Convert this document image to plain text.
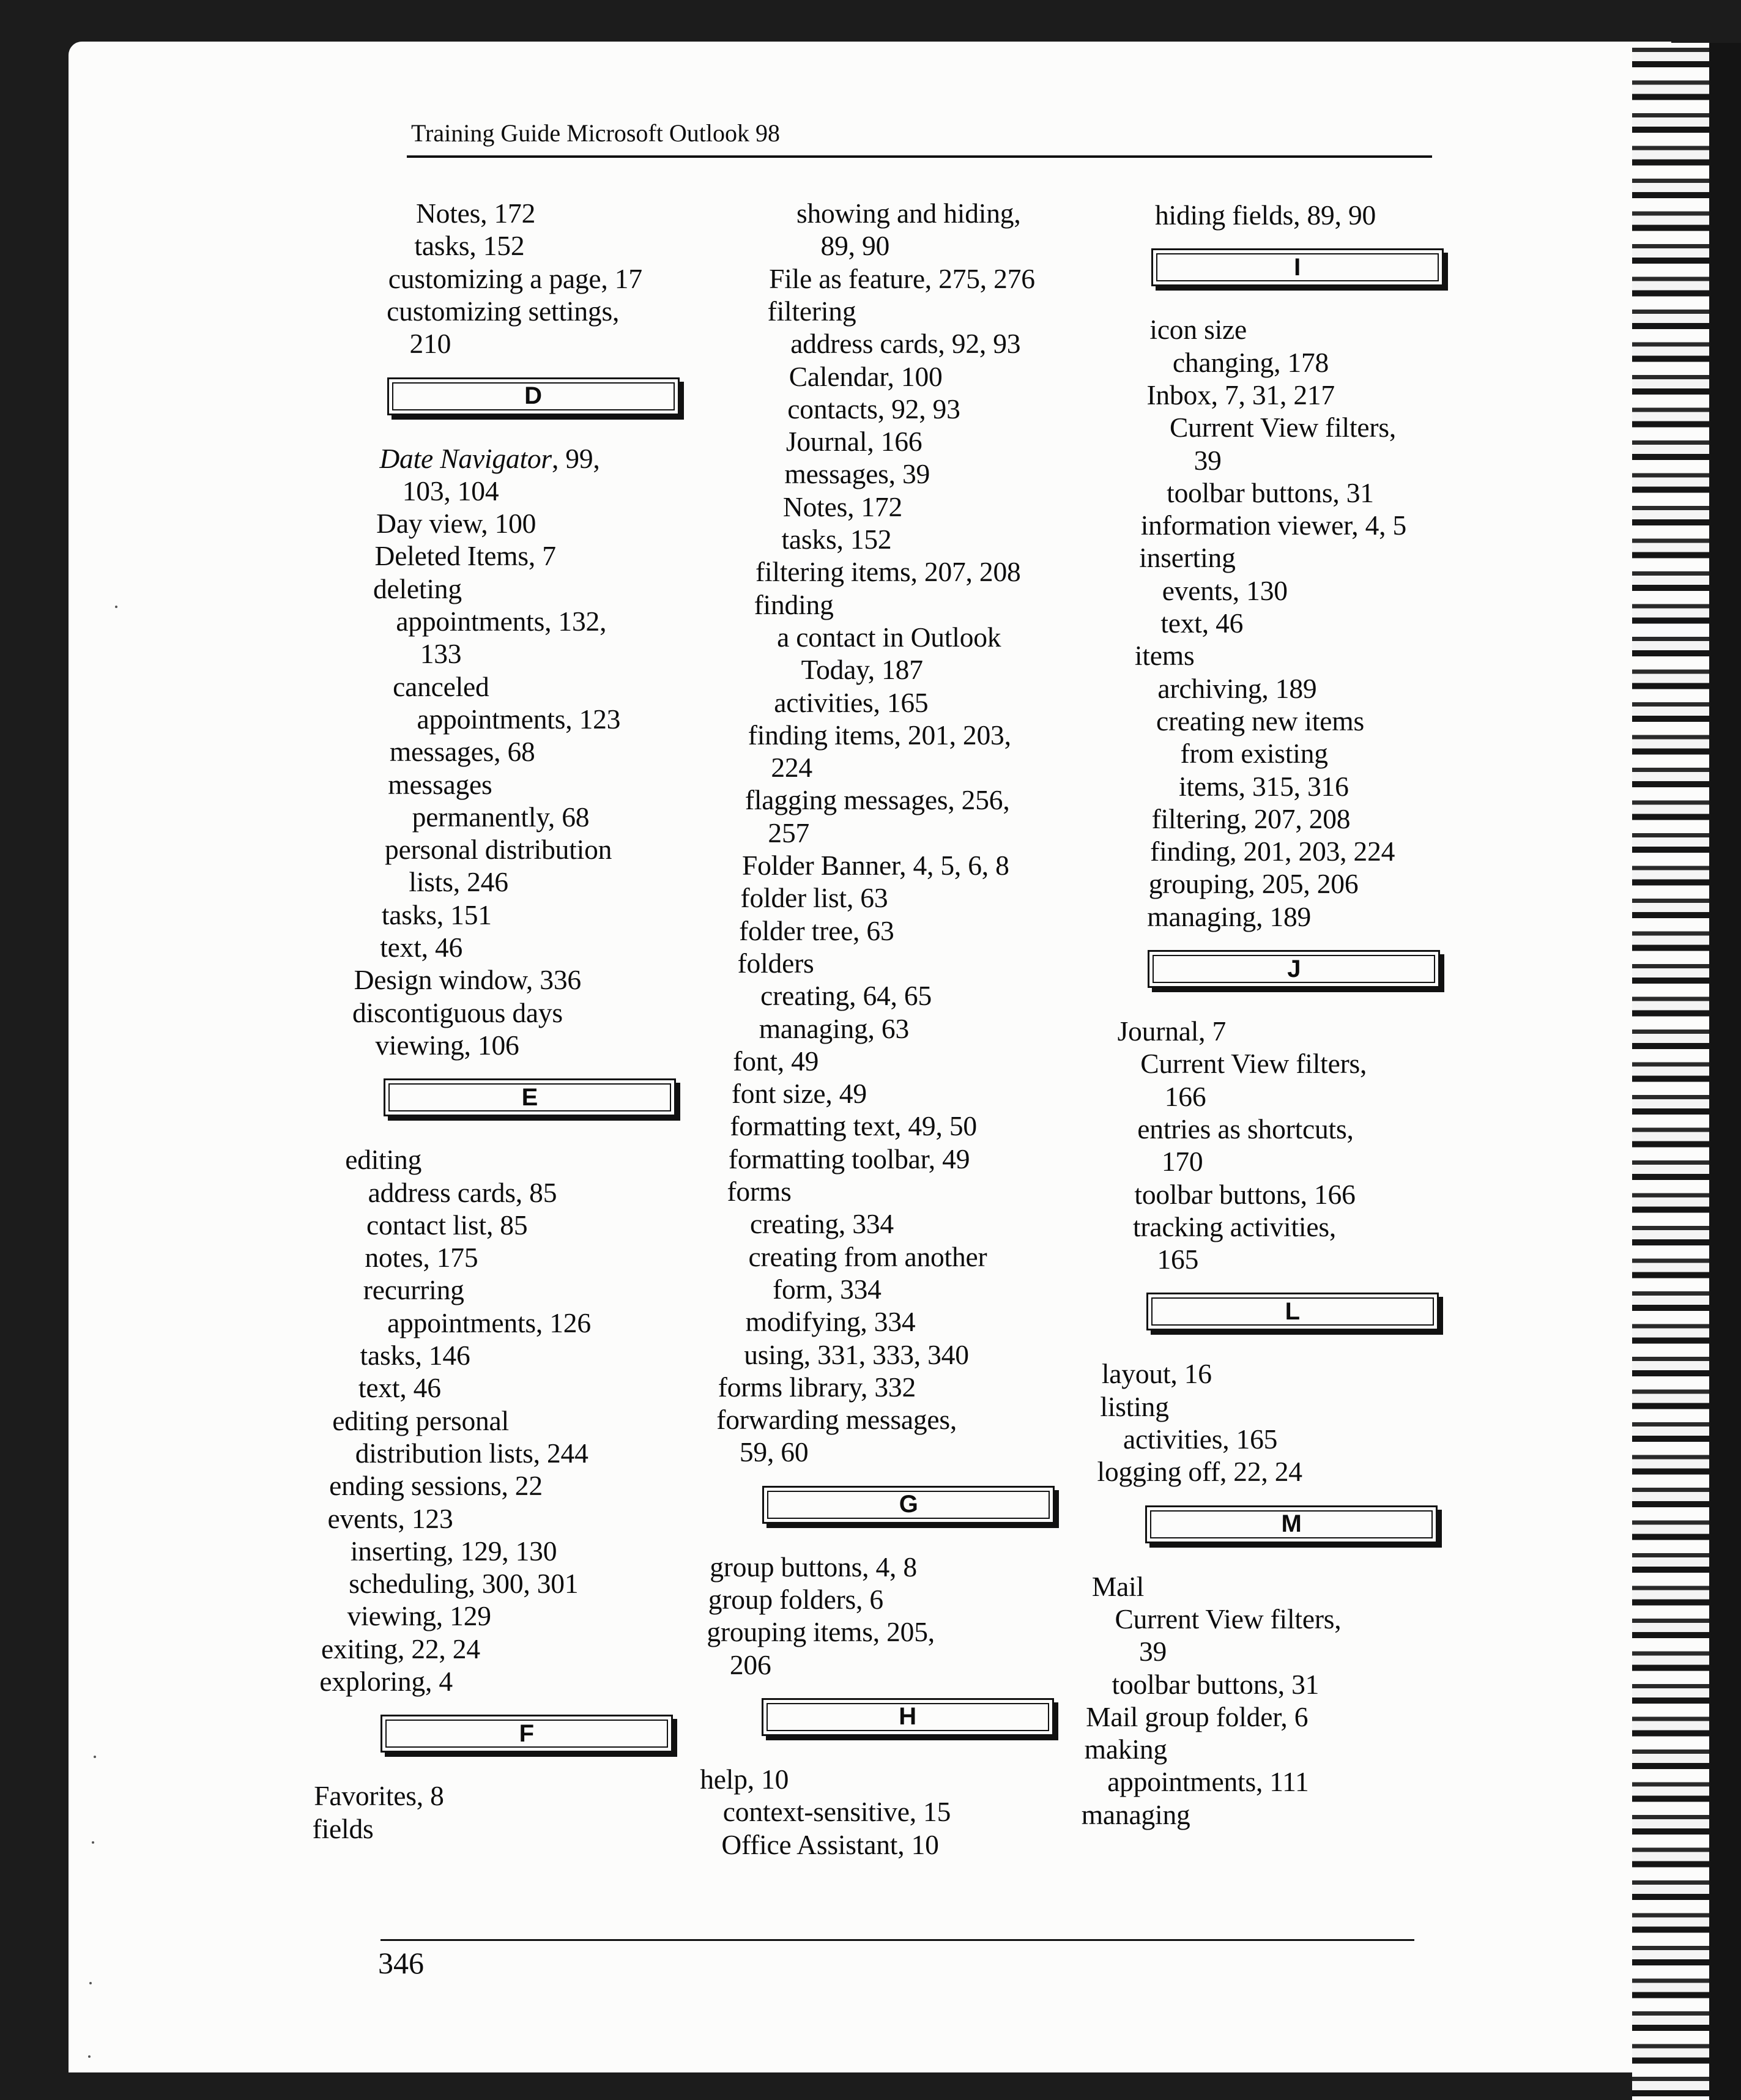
Training Guide Microsoft Outlook 98
Notes, 172
tasks, 152
customizing a page, 17
customizing settings,
210
D
Date Navigator, 99,
103, 104
Day view, 100
Deleted Items, 7
deleting
appointments, 132,
133
canceled
appointments, 123
messages, 68
messages
permanently, 68
personal distribution
lists, 246
tasks, 151
text, 46
Design window, 336
discontiguous days
viewing, 106
E
editing
address cards, 85
contact list, 85
notes, 175
recurring
appointments, 126
tasks, 146
text, 46
editing personal
distribution lists, 244
ending sessions, 22
events, 123
inserting, 129, 130
scheduling, 300, 301
viewing, 129
exiting, 22, 24
exploring, 4
F
Favorites, 8
fields
showing and hiding,
89, 90
File as feature, 275, 276
filtering
address cards, 92, 93
Calendar, 100
contacts, 92, 93
Journal, 166
messages, 39
Notes, 172
tasks, 152
filtering items, 207, 208
finding
a contact in Outlook
Today, 187
activities, 165
finding items, 201, 203,
224
flagging messages, 256,
257
Folder Banner, 4, 5, 6, 8
folder list, 63
folder tree, 63
folders
creating, 64, 65
managing, 63
font, 49
font size, 49
formatting text, 49, 50
formatting toolbar, 49
forms
creating, 334
creating from another
form, 334
modifying, 334
using, 331, 333, 340
forms library, 332
forwarding messages,
59, 60
G
group buttons, 4, 8
group folders, 6
grouping items, 205,
206
H
help, 10
context-sensitive, 15
Office Assistant, 10
hiding fields, 89, 90
I
icon size
changing, 178
Inbox, 7, 31, 217
Current View filters,
39
toolbar buttons, 31
information viewer, 4, 5
inserting
events, 130
text, 46
items
archiving, 189
creating new items
from existing
items, 315, 316
filtering, 207, 208
finding, 201, 203, 224
grouping, 205, 206
managing, 189
J
Journal, 7
Current View filters,
166
entries as shortcuts,
170
toolbar buttons, 166
tracking activities,
165
L
layout, 16
listing
activities, 165
logging off, 22, 24
M
Mail
Current View filters,
39
toolbar buttons, 31
Mail group folder, 6
making
appointments, 111
managing
346
